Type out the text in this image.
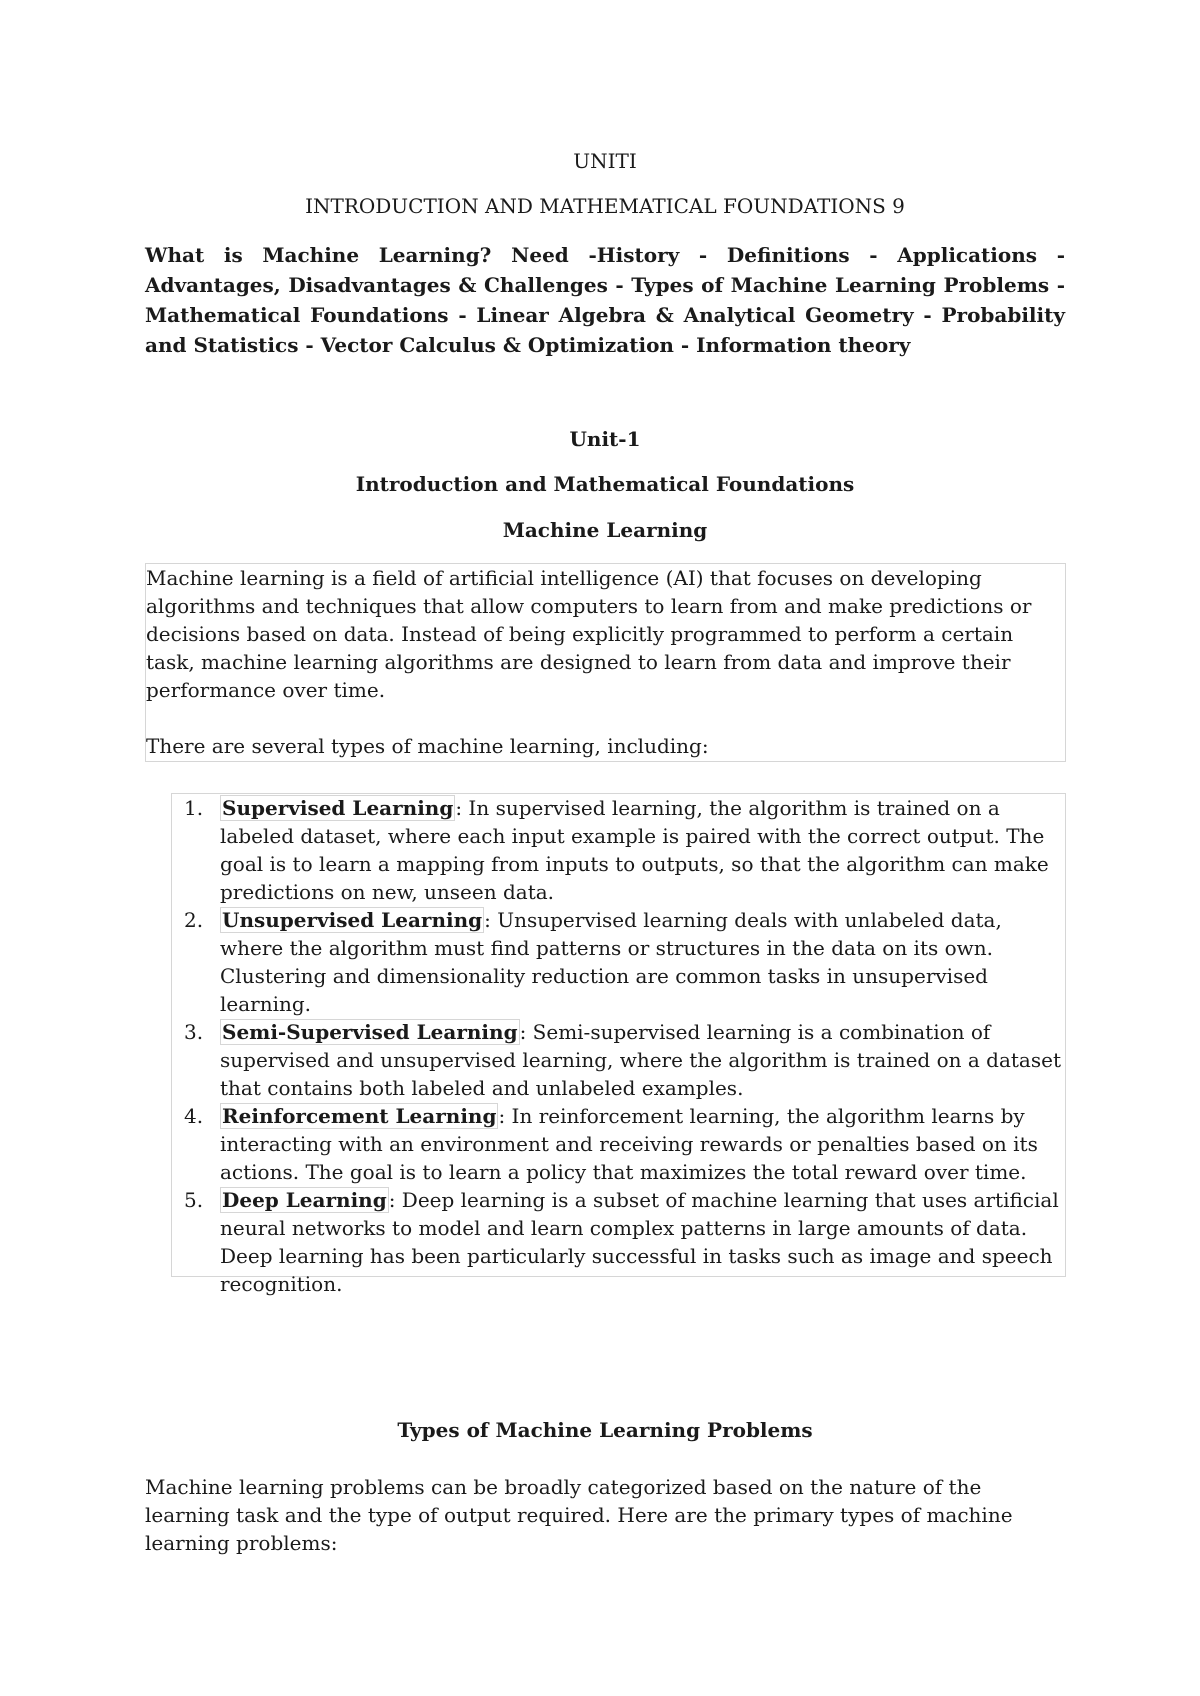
UNITI

INTRODUCTION AND MATHEMATICAL FOUNDATIONS 9

What is Machine Learning? Need -History - Definitions - Applications - Advantages, Disadvantages & Challenges - Types of Machine Learning Problems - Mathematical Foundations - Linear Algebra & Analytical Geometry - Probability and Statistics - Vector Calculus & Optimization - Information theory

Unit-1

Introduction and Mathematical Foundations

Machine Learning

Machine learning is a field of artificial intelligence (AI) that focuses on developing algorithms and techniques that allow computers to learn from and make predictions or decisions based on data. Instead of being explicitly programmed to perform a certain task, machine learning algorithms are designed to learn from data and improve their performance over time.

There are several types of machine learning, including:

1. Supervised Learning : In supervised learning, the algorithm is trained on a labeled dataset, where each input example is paired with the correct output. The goal is to learn a mapping from inputs to outputs, so that the algorithm can make predictions on new, unseen data.
2. Unsupervised Learning : Unsupervised learning deals with unlabeled data, where the algorithm must find patterns or structures in the data on its own. Clustering and dimensionality reduction are common tasks in unsupervised learning.
3. Semi-Supervised Learning : Semi-supervised learning is a combination of supervised and unsupervised learning, where the algorithm is trained on a dataset that contains both labeled and unlabeled examples.
4. Reinforcement Learning : In reinforcement learning, the algorithm learns by interacting with an environment and receiving rewards or penalties based on its actions. The goal is to learn a policy that maximizes the total reward over time.
5. Deep Learning : Deep learning is a subset of machine learning that uses artificial neural networks to model and learn complex patterns in large amounts of data. Deep learning has been particularly successful in tasks such as image and speech recognition.

Types of Machine Learning Problems

Machine learning problems can be broadly categorized based on the nature of the learning task and the type of output required. Here are the primary types of machine learning problems:
